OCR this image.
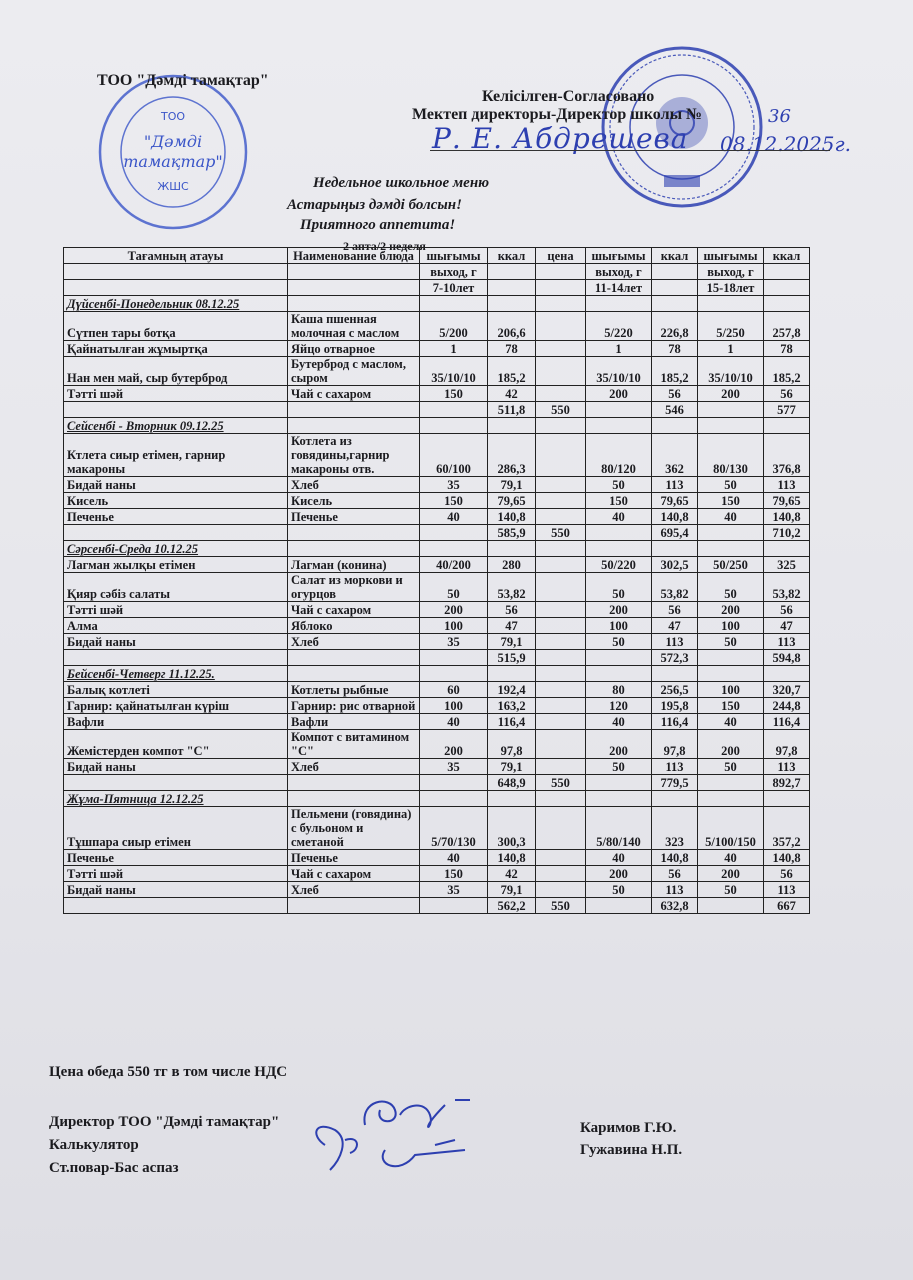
ТОО
"Дәмді
тамақтар"
ЖШС
ТОО "Дәмді тамақтар"
Келісілген-Согласовано
Мектеп директоры-Директор школы №	36
Р. Е. Абдрешева 08.12.2025г.
Недельное школьное меню
Астарыңыз дәмді болсын!
Приятного аппетита!
2 апта/2 неделя
Тағамның атауы	Наименование блюда	шығымы	ккал	цена	шығымы	ккал	шығымы	ккал
		выход, г			выход, г		выход, г	
		7-10лет			11-14лет		15-18лет	
Дүйсенбі-Понедельник 08.12.25								
Сүтпен тары ботқа	Каша пшенная молочная с маслом	5/200	206,6		5/220	226,8	5/250	257,8
Қайнатылған жұмыртқа	Яйцо отварное	1	78		1	78	1	78
Нан мен май, сыр бутерброд	Бутерброд с маслом, сыром	35/10/10	185,2		35/10/10	185,2	35/10/10	185,2
Тәтті шәй	Чай с сахаром	150	42		200	56	200	56
			511,8	550		546		577
Сейсенбі - Вторник 09.12.25								
Ктлета сиыр етімен, гарнир макароны	Котлета из говядины,гарнир макароны отв.	60/100	286,3		80/120	362	80/130	376,8
Бидай наны	Хлеб	35	79,1		50	113	50	113
Кисель	Кисель	150	79,65		150	79,65	150	79,65
Печенье	Печенье	40	140,8		40	140,8	40	140,8
			585,9	550		695,4		710,2
Сәрсенбі-Среда 10.12.25								
Лагман жылқы етімен	Лагман (конина)	40/200	280		50/220	302,5	50/250	325
Қияр сәбіз салаты	Салат из моркови и огурцов	50	53,82		50	53,82	50	53,82
Тәтті шәй	Чай с сахаром	200	56		200	56	200	56
Алма	Яблоко	100	47		100	47	100	47
Бидай наны	Хлеб	35	79,1		50	113	50	113
			515,9			572,3		594,8
Бейсенбі-Четверг 11.12.25.								
Балық котлеті	Котлеты рыбные	60	192,4		80	256,5	100	320,7
Гарнир: қайнатылған күріш	Гарнир: рис отварной	100	163,2		120	195,8	150	244,8
Вафли	Вафли	40	116,4		40	116,4	40	116,4
Жемістерден компот "С"	Компот с витамином "С"	200	97,8		200	97,8	200	97,8
Бидай наны	Хлеб	35	79,1		50	113	50	113
			648,9	550		779,5		892,7
Жұма-Пятница 12.12.25								
Тұшпара сиыр етімен	Пельмени (говядина) с бульоном и сметаной	5/70/130	300,3		5/80/140	323	5/100/150	357,2
Печенье	Печенье	40	140,8		40	140,8	40	140,8
Тәтті шәй	Чай с сахаром	150	42		200	56	200	56
Бидай наны	Хлеб	35	79,1		50	113	50	113
			562,2	550		632,8		667
Цена обеда 550 тг в том числе НДС
Директор ТОО "Дәмді тамақтар"
Калькулятор
Ст.повар-Бас аспаз
Каримов Г.Ю.
Гужавина Н.П.
